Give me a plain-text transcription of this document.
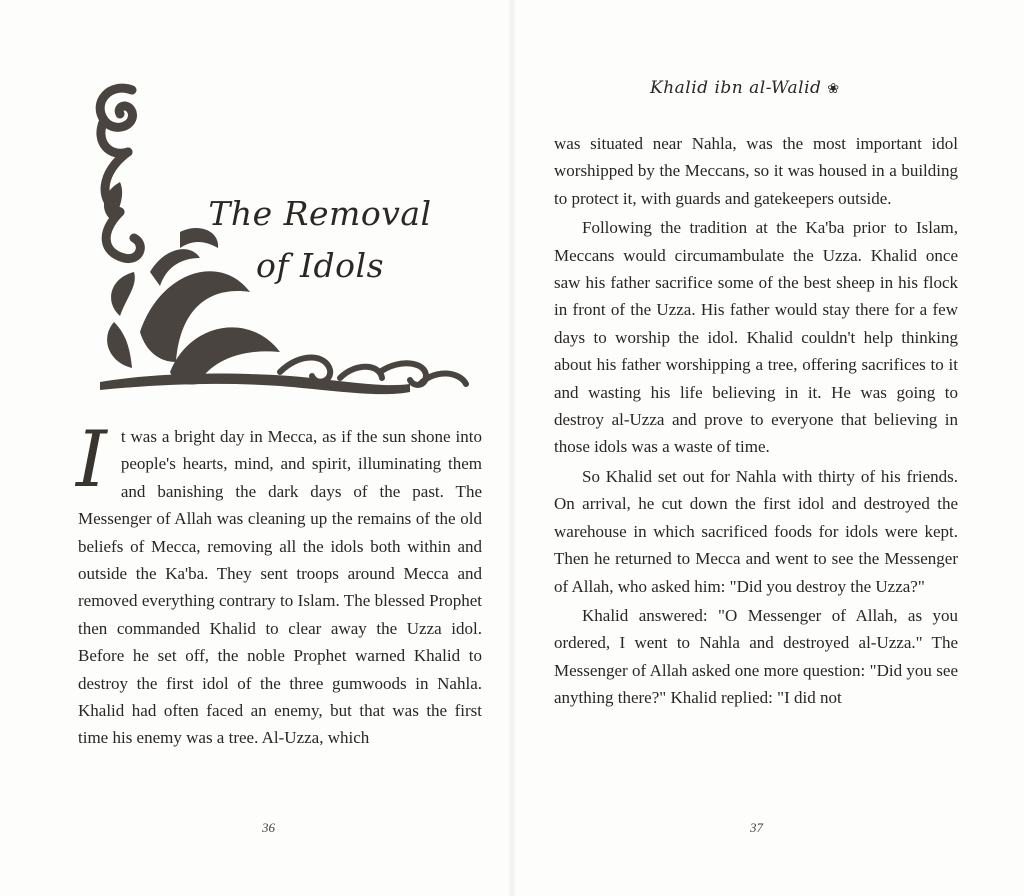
The Removal
of Idols

It was a bright day in Mecca, as if the sun shone into people's hearts, mind, and spirit, illuminating them and banishing the dark days of the past. The Messenger of Allah was cleaning up the remains of the old beliefs of Mecca, removing all the idols both within and outside the Ka'ba. They sent troops around Mecca and removed everything contrary to Islam. The blessed Prophet then commanded Khalid to clear away the Uzza idol. Before he set off, the noble Prophet warned Khalid to destroy the first idol of the three gumwoods in Nahla. Khalid had often faced an enemy, but that was the first time his enemy was a tree. Al-Uzza, which

36
Khalid ibn al-Walid ❀

was situated near Nahla, was the most important idol worshipped by the Meccans, so it was housed in a building to protect it, with guards and gatekeepers outside.

Following the tradition at the Ka'ba prior to Islam, Meccans would circumambulate the Uzza. Khalid once saw his father sacrifice some of the best sheep in his flock in front of the Uzza. His father would stay there for a few days to worship the idol. Khalid couldn't help thinking about his father worshipping a tree, offering sacrifices to it and wasting his life believing in it. He was going to destroy al-Uzza and prove to everyone that believing in those idols was a waste of time.

So Khalid set out for Nahla with thirty of his friends. On arrival, he cut down the first idol and destroyed the warehouse in which sacrificed foods for idols were kept. Then he returned to Mecca and went to see the Messenger of Allah, who asked him: "Did you destroy the Uzza?"

Khalid answered: "O Messenger of Allah, as you ordered, I went to Nahla and destroyed al-Uzza." The Messenger of Allah asked one more question: "Did you see anything there?" Khalid replied: "I did not

37
